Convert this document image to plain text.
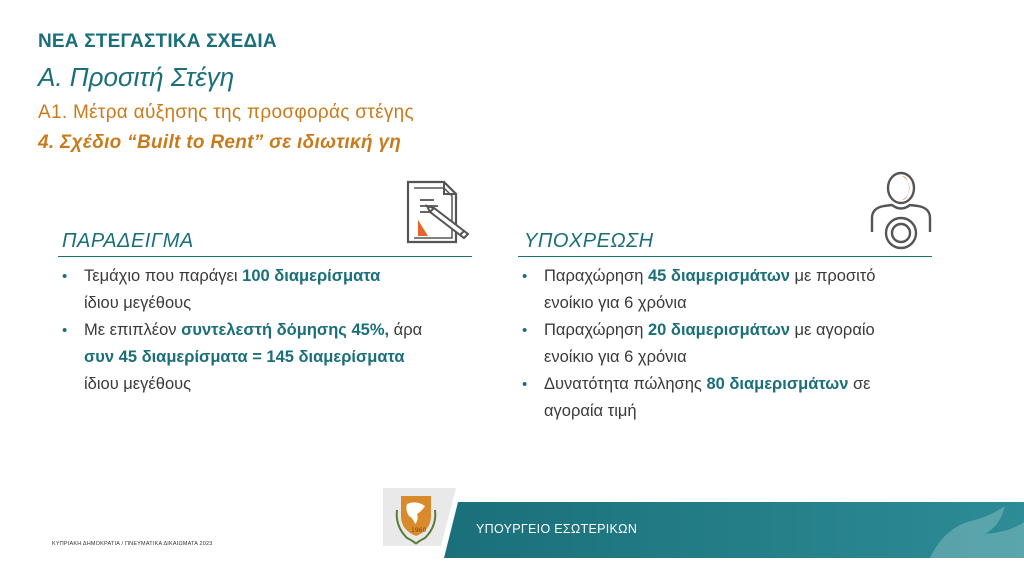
ΝΕΑ ΣΤΕΓΑΣΤΙΚΑ ΣΧΕΔΙΑ
Α. Προσιτή Στέγη
Α1. Μέτρα αύξησης της προσφοράς στέγης
4. Σχέδιο “Built to Rent” σε ιδιωτική γη
ΠΑΡΑΔΕΙΓΜΑ
• Τεμάχιο που παράγει 100 διαμερίσματα
ίδιου μεγέθους
• Με επιπλέον συντελεστή δόμησης 45%, άρα
συν 45 διαμερίσματα = 145 διαμερίσματα
ίδιου μεγέθους
ΥΠΟΧΡΕΩΣΗ
• Παραχώρηση 45 διαμερισμάτων με προσιτό
ενοίκιο για 6 χρόνια
• Παραχώρηση 20 διαμερισμάτων με αγοραίο
ενοίκιο για 6 χρόνια
• Δυνατότητα πώλησης 80 διαμερισμάτων σε
αγοραία τιμή
1960	ΥΠΟΥΡΓΕΙΟ ΕΣΩΤΕΡΙΚΩΝ
ΚΥΠΡΙΑΚΗ ΔΗΜΟΚΡΑΤΙΑ / ΠΝΕΥΜΑΤΙΚΑ ΔΙΚΑΙΩΜΑΤΑ 2023
